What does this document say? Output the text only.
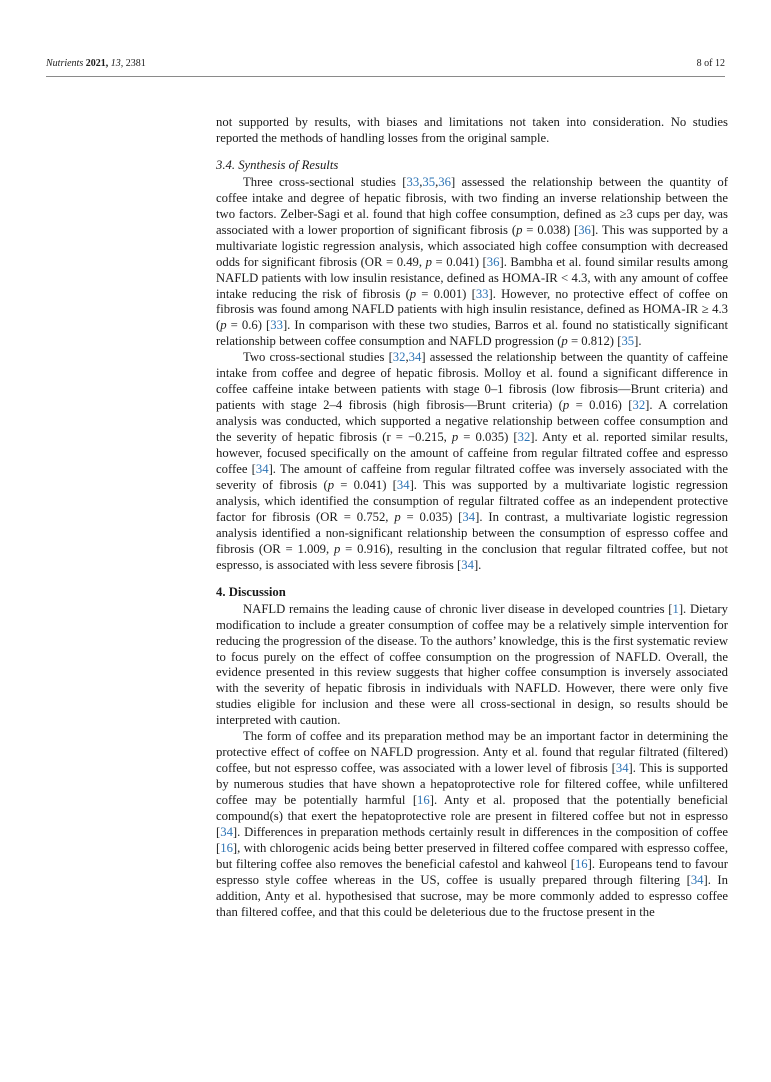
Nutrients 2021, 13, 2381	8 of 12

not supported by results, with biases and limitations not taken into consideration. No studies reported the methods of handling losses from the original sample.

3.4. Synthesis of Results

Three cross-sectional studies [33,35,36] assessed the relationship between the quantity of coffee intake and degree of hepatic fibrosis, with two finding an inverse relationship between the two factors. Zelber-Sagi et al. found that high coffee consumption, defined as ≥3 cups per day, was associated with a lower proportion of significant fibrosis (p = 0.038) [36]. This was supported by a multivariate logistic regression analysis, which associated high coffee consumption with decreased odds for significant fibrosis (OR = 0.49, p = 0.041) [36]. Bambha et al. found similar results among NAFLD patients with low insulin resistance, defined as HOMA-IR < 4.3, with any amount of coffee intake reducing the risk of fibrosis (p = 0.001) [33]. However, no protective effect of coffee on fibrosis was found among NAFLD patients with high insulin resistance, defined as HOMA-IR ≥ 4.3 (p = 0.6) [33]. In comparison with these two studies, Barros et al. found no statistically significant relationship between coffee consumption and NAFLD progression (p = 0.812) [35].

Two cross-sectional studies [32,34] assessed the relationship between the quantity of caffeine intake from coffee and degree of hepatic fibrosis. Molloy et al. found a significant difference in coffee caffeine intake between patients with stage 0–1 fibrosis (low fibrosis—Brunt criteria) and patients with stage 2–4 fibrosis (high fibrosis—Brunt criteria) (p = 0.016) [32]. A correlation analysis was conducted, which supported a negative relationship between coffee consumption and the severity of hepatic fibrosis (r = −0.215, p = 0.035) [32]. Anty et al. reported similar results, however, focused specifically on the amount of caffeine from regular filtrated coffee and espresso coffee [34]. The amount of caffeine from regular filtrated coffee was inversely associated with the severity of fibrosis (p = 0.041) [34]. This was supported by a multivariate logistic regression analysis, which identified the consumption of regular filtrated coffee as an independent protective factor for fibrosis (OR = 0.752, p = 0.035) [34]. In contrast, a multivariate logistic regression analysis identified a non-significant relationship between the consumption of espresso coffee and fibrosis (OR = 1.009, p = 0.916), resulting in the conclusion that regular filtrated coffee, but not espresso, is associated with less severe fibrosis [34].

4. Discussion

NAFLD remains the leading cause of chronic liver disease in developed countries [1]. Dietary modification to include a greater consumption of coffee may be a relatively simple intervention for reducing the progression of the disease. To the authors’ knowledge, this is the first systematic review to focus purely on the effect of coffee consumption on the progression of NAFLD. Overall, the evidence presented in this review suggests that higher coffee consumption is inversely associated with the severity of hepatic fibrosis in individuals with NAFLD. However, there were only five studies eligible for inclusion and these were all cross-sectional in design, so results should be interpreted with caution.

The form of coffee and its preparation method may be an important factor in determining the protective effect of coffee on NAFLD progression. Anty et al. found that regular filtrated (filtered) coffee, but not espresso coffee, was associated with a lower level of fibrosis [34]. This is supported by numerous studies that have shown a hepatoprotective role for filtered coffee, while unfiltered coffee may be potentially harmful [16]. Anty et al. proposed that the potentially beneficial compound(s) that exert the hepatoprotective role are present in filtered coffee but not in espresso [34]. Differences in preparation methods certainly result in differences in the composition of coffee [16], with chlorogenic acids being better preserved in filtered coffee compared with espresso coffee, but filtering coffee also removes the beneficial cafestol and kahweol [16]. Europeans tend to favour espresso style coffee whereas in the US, coffee is usually prepared through filtering [34]. In addition, Anty et al. hypothesised that sucrose, may be more commonly added to espresso coffee than filtered coffee, and that this could be deleterious due to the fructose present in the
